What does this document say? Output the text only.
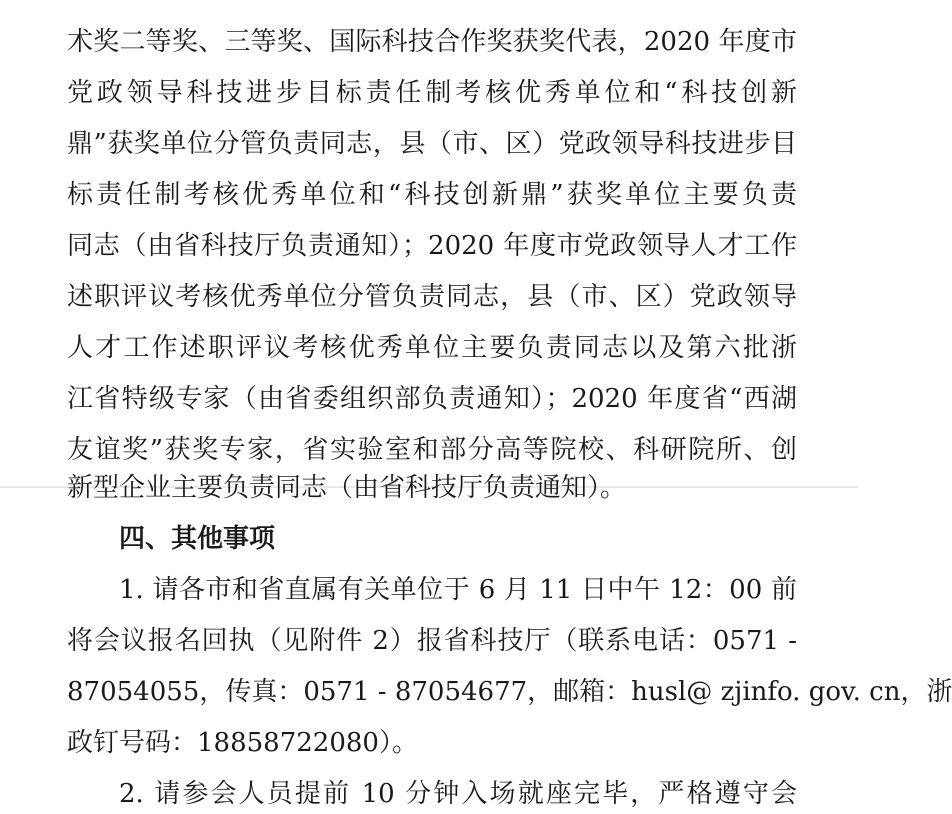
术奖二等奖、三等奖、国际科技合作奖获奖代表，2020 年度市
党政领导科技进步目标责任制考核优秀单位和“科技创新
鼎”获奖单位分管负责同志，县（市、区）党政领导科技进步目
标责任制考核优秀单位和“科技创新鼎”获奖单位主要负责
同志（由省科技厅负责通知）；2020 年度市党政领导人才工作
述职评议考核优秀单位分管负责同志，县（市、区）党政领导
人才工作述职评议考核优秀单位主要负责同志以及第六批浙
江省特级专家（由省委组织部负责通知）；2020 年度省“西湖
友谊奖”获奖专家，省实验室和部分高等院校、科研院所、创
新型企业主要负责同志（由省科技厅负责通知）。
四、其他事项
1. 请各市和省直属有关单位于 6 月 11 日中午 12：00 前
将会议报名回执（见附件 2）报省科技厅（联系电话：0571 -
87054055，传真：0571 - 87054677，邮箱：husl@ zjinfo. gov. cn，浙
政钉号码：18858722080）。
2. 请参会人员提前 10 分钟入场就座完毕，严格遵守会
